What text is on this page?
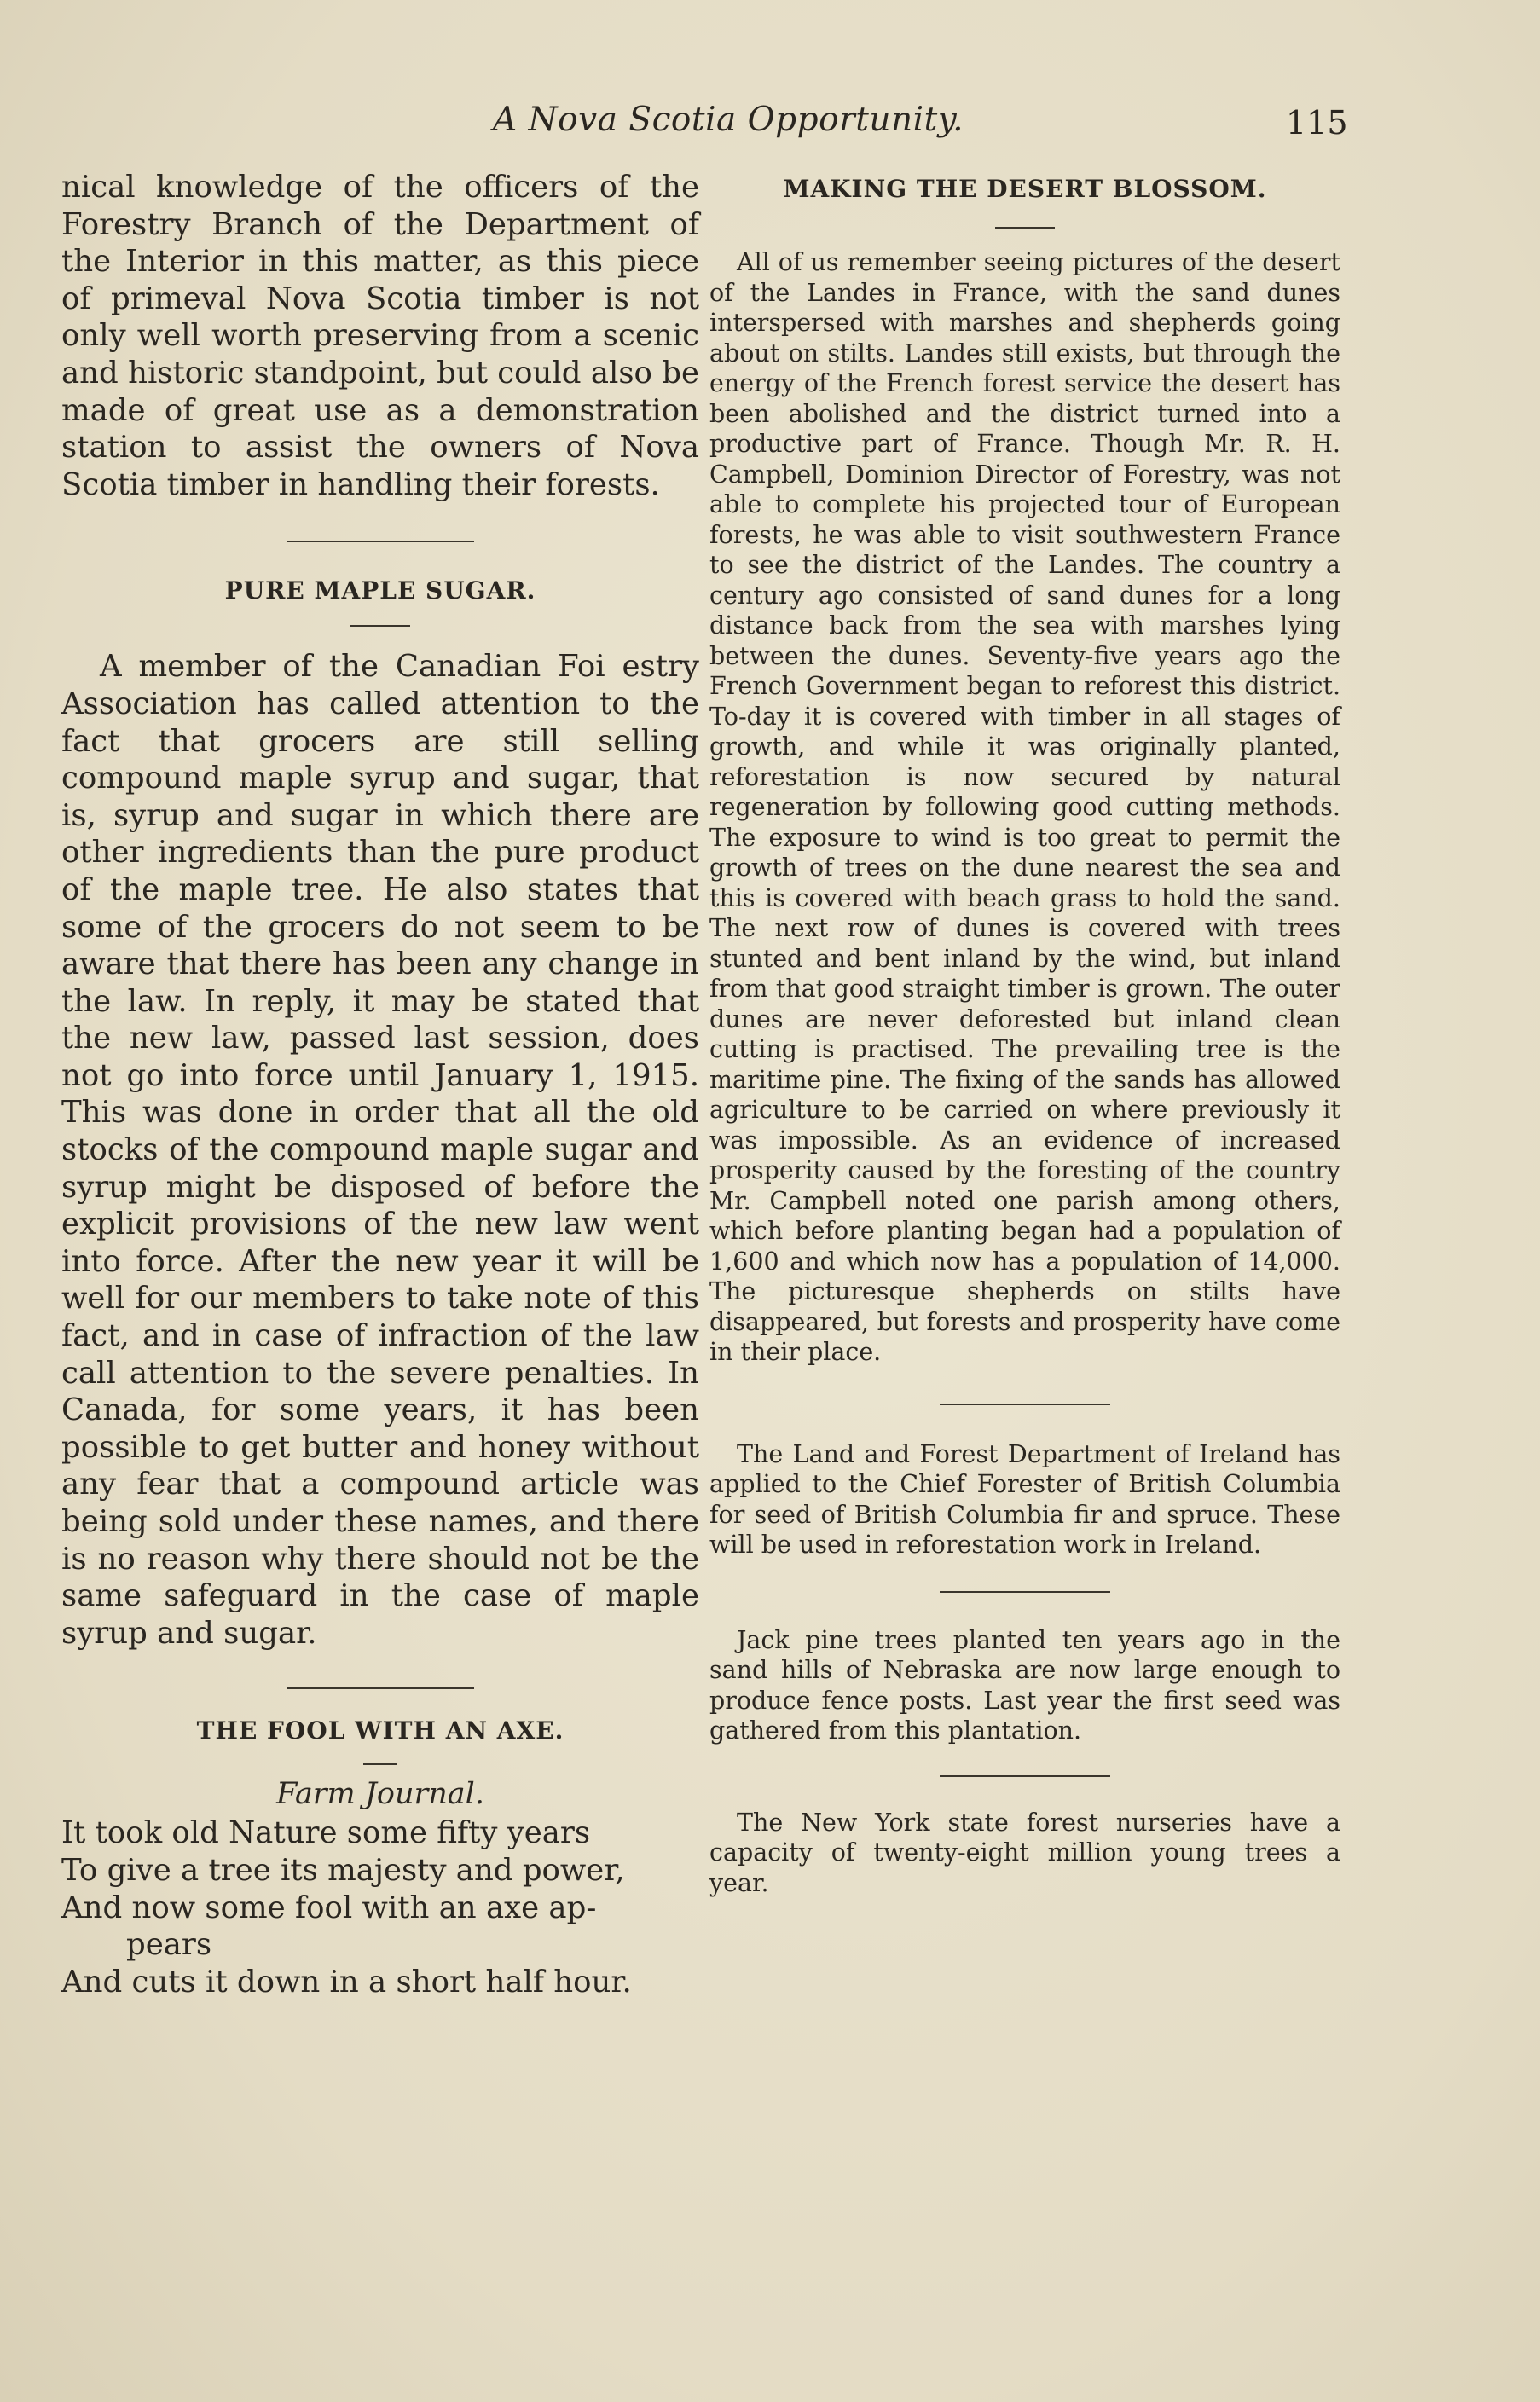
A Nova Scotia Opportunity.	115

nical knowledge of the officers of the Forestry Branch of the Department of the Interior in this matter, as this piece of primeval Nova Scotia timber is not only well worth preserving from a scenic and historic standpoint, but could also be made of great use as a demonstration station to assist the owners of Nova Scotia timber in handling their forests.

PURE MAPLE SUGAR.

A member of the Canadian Foi estry Association has called attention to the fact that grocers are still selling compound maple syrup and sugar, that is, syrup and sugar in which there are other ingredients than the pure product of the maple tree. He also states that some of the grocers do not seem to be aware that there has been any change in the law. In reply, it may be stated that the new law, passed last session, does not go into force until January 1, 1915. This was done in order that all the old stocks of the compound maple sugar and syrup might be disposed of before the explicit provisions of the new law went into force. After the new year it will be well for our members to take note of this fact, and in case of infraction of the law call attention to the severe penalties. In Canada, for some years, it has been possible to get butter and honey without any fear that a compound article was being sold under these names, and there is no reason why there should not be the same safeguard in the case of maple syrup and sugar.

THE FOOL WITH AN AXE.

Farm Journal.

It took old Nature some fifty years

To give a tree its majesty and power,

And now some fool with an axe ap-

pears

And cuts it down in a short half hour.

MAKING THE DESERT BLOSSOM.

All of us remember seeing pictures of the desert of the Landes in France, with the sand dunes interspersed with marshes and shepherds going about on stilts. Landes still exists, but through the energy of the French forest service the desert has been abolished and the district turned into a productive part of France. Though Mr. R. H. Campbell, Dominion Director of Forestry, was not able to complete his projected tour of European forests, he was able to visit southwestern France to see the district of the Landes. The country a century ago consisted of sand dunes for a long distance back from the sea with marshes lying between the dunes. Seventy-five years ago the French Government began to reforest this district. To-day it is covered with timber in all stages of growth, and while it was originally planted, reforestation is now secured by natural regeneration by following good cutting methods. The exposure to wind is too great to permit the growth of trees on the dune nearest the sea and this is covered with beach grass to hold the sand. The next row of dunes is covered with trees stunted and bent inland by the wind, but inland from that good straight timber is grown. The outer dunes are never deforested but inland clean cutting is practised. The prevailing tree is the maritime pine. The fixing of the sands has allowed agriculture to be carried on where previously it was impossible. As an evidence of increased prosperity caused by the foresting of the country Mr. Campbell noted one parish among others, which before planting began had a population of 1,600 and which now has a population of 14,000. The picturesque shepherds on stilts have disappeared, but forests and prosperity have come in their place.

The Land and Forest Department of Ireland has applied to the Chief Forester of British Columbia for seed of British Columbia fir and spruce. These will be used in reforestation work in Ireland.

Jack pine trees planted ten years ago in the sand hills of Nebraska are now large enough to produce fence posts. Last year the first seed was gathered from this plantation.

The New York state forest nurseries have a capacity of twenty-eight million young trees a year.
